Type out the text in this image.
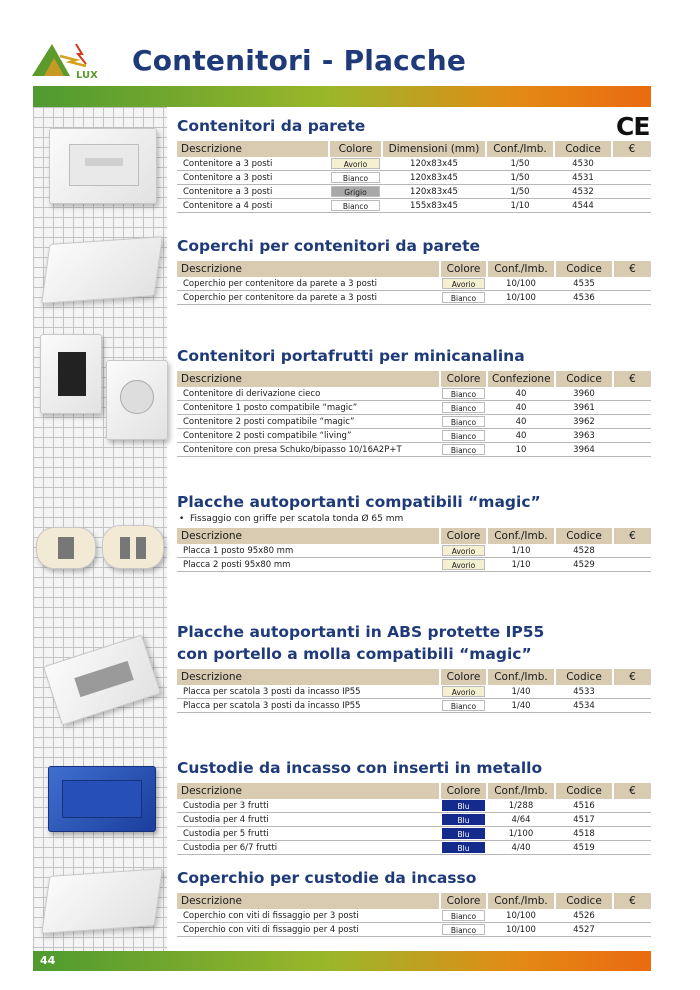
LUX Contenitori - Placche
CE
Contenitori da parete
Descrizione	Colore	Dimensioni (mm)	Conf./Imb.	Codice	€
Contenitore a 3 posti	Avorio	120x83x45	1/50	4530	
Contenitore a 3 posti	Bianco	120x83x45	1/50	4531	
Contenitore a 3 posti	Grigio	120x83x45	1/50	4532	
Contenitore a 4 posti	Bianco	155x83x45	1/10	4544	
Coperchi per contenitori da parete
Descrizione	Colore	Conf./Imb.	Codice	€
Coperchio per contenitore da parete a 3 posti	Avorio	10/100	4535	
Coperchio per contenitore da parete a 3 posti	Bianco	10/100	4536	
Contenitori portafrutti per minicanalina
Descrizione	Colore	Confezione	Codice	€
Contenitore di derivazione cieco	Bianco	40	3960	
Contenitore 1 posto compatibile “magic”	Bianco	40	3961	
Contenitore 2 posti compatibile “magic”	Bianco	40	3962	
Contenitore 2 posti compatibile “living”	Bianco	40	3963	
Contenitore con presa Schuko/bipasso 10/16A2P+T	Bianco	10	3964	
Placche autoportanti compatibili “magic”
•  Fissaggio con griffe per scatola tonda Ø 65 mm
Descrizione	Colore	Conf./Imb.	Codice	€
Placca 1 posto 95x80 mm	Avorio	1/10	4528	
Placca 2 posti 95x80 mm	Avorio	1/10	4529	
Placche autoportanti in ABS protette IP55
con portello a molla compatibili “magic”
Descrizione	Colore	Conf./Imb.	Codice	€
Placca per scatola 3 posti da incasso IP55	Avorio	1/40	4533	
Placca per scatola 3 posti da incasso IP55	Bianco	1/40	4534	
Custodie da incasso con inserti in metallo
Descrizione	Colore	Conf./Imb.	Codice	€
Custodia per 3 frutti	Blu	1/288	4516	
Custodia per 4 frutti	Blu	4/64	4517	
Custodia per 5 frutti	Blu	1/100	4518	
Custodia per 6/7 frutti	Blu	4/40	4519	
Coperchio per custodie da incasso
Descrizione	Colore	Conf./Imb.	Codice	€
Coperchio con viti di fissaggio per 3 posti	Bianco	10/100	4526	
Coperchio con viti di fissaggio per 4 posti	Bianco	10/100	4527	
44
